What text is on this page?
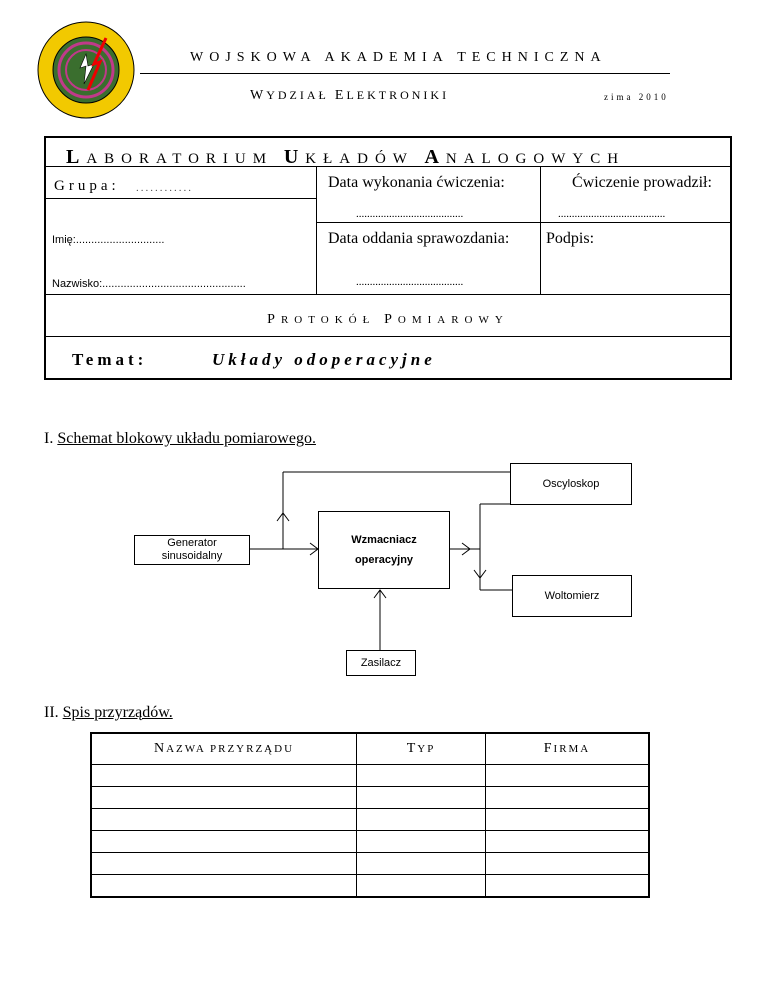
WOJSKOWA AKADEMIA TECHNICZNA
WYDZIAŁ ELEKTRONIKI	zima 2010
LABORATORIUM UKŁADÓW ANALOGOWYCH
Grupa: ............
Imię:.............................
Nazwisko:...............................................
Data wykonania ćwiczenia:
.......................................
Ćwiczenie prowadził:
.......................................
Data oddania sprawozdania:
.......................................
Podpis:
PROTOKÓŁ POMIAROWY
Temat:	Układy odoperacyjne
I. Schemat blokowy układu pomiarowego.
Oscyloskop
Generator
sinusoidalny
Wzmacniacz
operacyjny
Woltomierz
Zasilacz
II. Spis przyrządów.
NAZWA PRZYRZĄDU	TYP	FIRMA
